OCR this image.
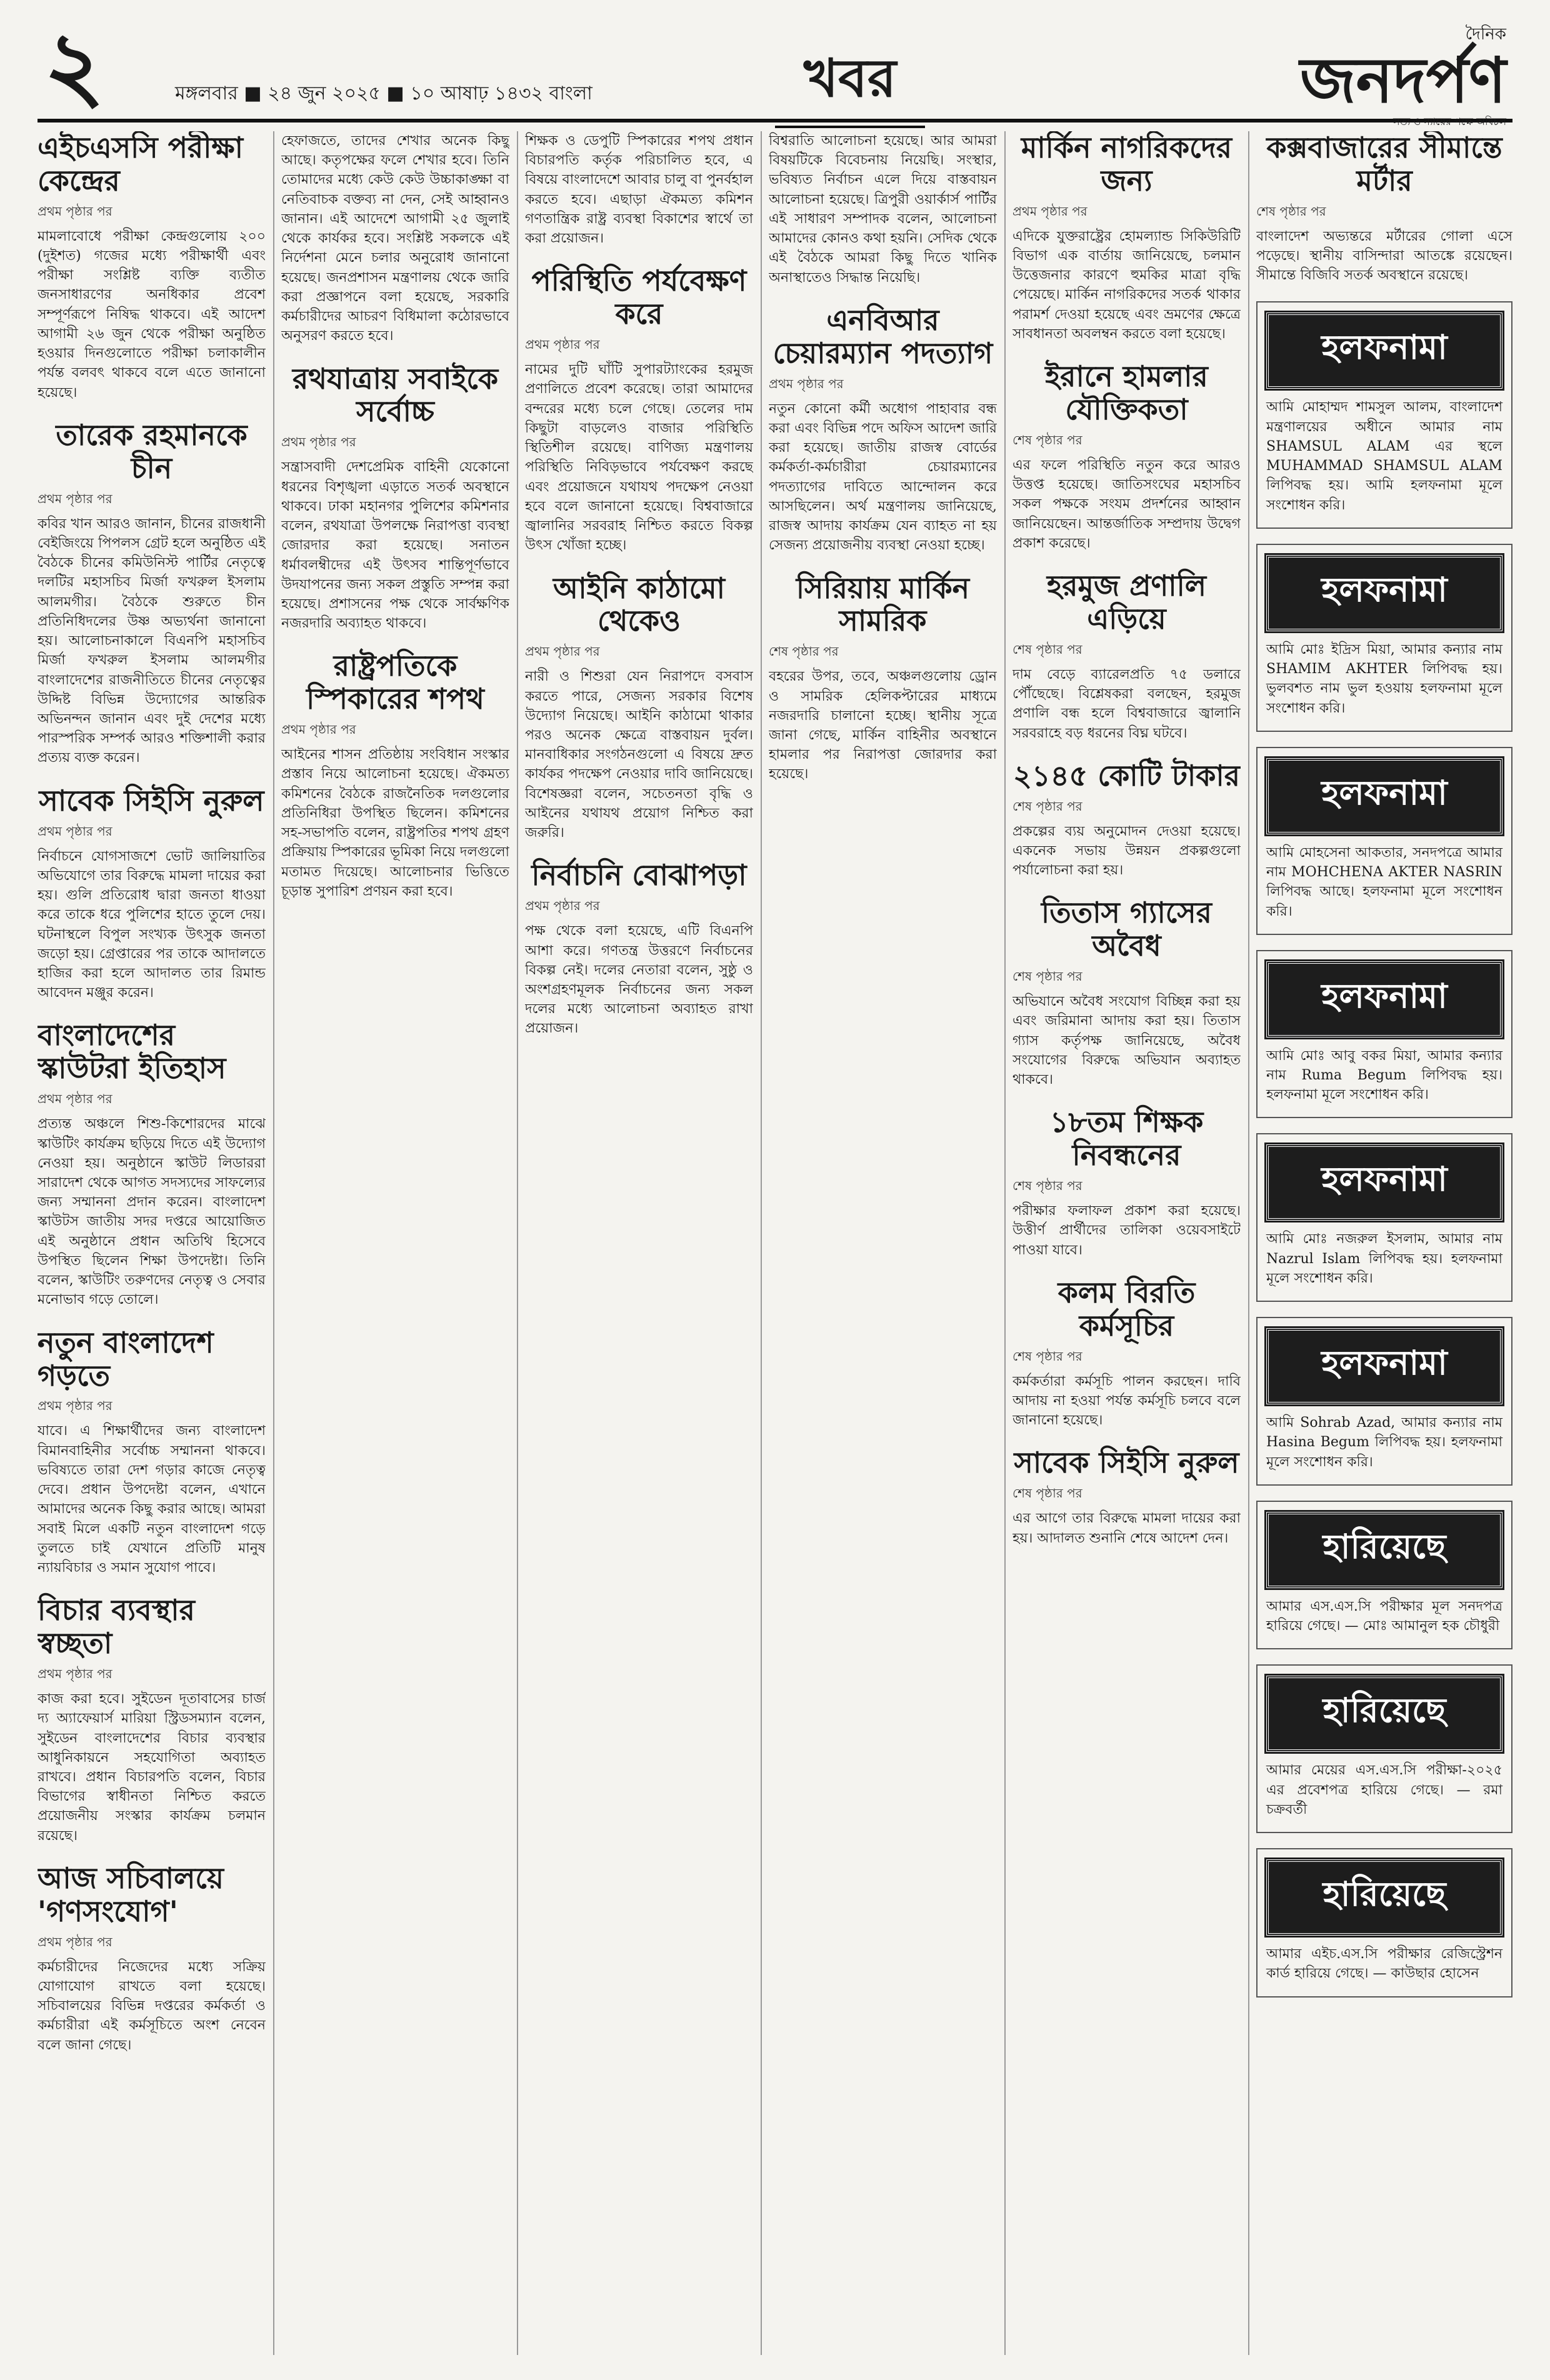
২	মঙ্গলবার ■ ২৪ জুন ২০২৫ ■ ১০ আষাঢ় ১৪৩২ বাংলা	খবর
দৈনিক
জনদর্পণ
সত্য ও ন্যায়ের পক্ষে অবিচল
এইচএসসি পরীক্ষা কেন্দ্রের

প্রথম পৃষ্ঠার পর

মামলাবোধে পরীক্ষা কেন্দ্রগুলোয় ২০০ (দুইশত) গজের মধ্যে পরীক্ষার্থী এবং পরীক্ষা সংশ্লিষ্ট ব্যক্তি ব্যতীত জনসাধারণের অনধিকার প্রবেশ সম্পূর্ণরূপে নিষিদ্ধ থাকবে। এই আদেশ আগামী ২৬ জুন থেকে পরীক্ষা অনুষ্ঠিত হওয়ার দিনগুলোতে পরীক্ষা চলাকালীন পর্যন্ত বলবৎ থাকবে বলে এতে জানানো হয়েছে।

তারেক রহমানকে চীন

প্রথম পৃষ্ঠার পর

কবির খান আরও জানান, চীনের রাজধানী বেইজিংয়ে পিপলস গ্রেট হলে অনুষ্ঠিত এই বৈঠকে চীনের কমিউনিস্ট পার্টির নেতৃত্বে দলটির মহাসচিব মির্জা ফখরুল ইসলাম আলমগীর। বৈঠকে শুরুতে চীন প্রতিনিধিদলের উষ্ণ অভ্যর্থনা জানানো হয়। আলোচনাকালে বিএনপি মহাসচিব মির্জা ফখরুল ইসলাম আলমগীর বাংলাদেশের রাজনীতিতে চীনের নেতৃত্বের উদ্দিষ্ট বিভিন্ন উদ্যোগের আন্তরিক অভিনন্দন জানান এবং দুই দেশের মধ্যে পারস্পরিক সম্পর্ক আরও শক্তিশালী করার প্রত্যয় ব্যক্ত করেন।

সাবেক সিইসি নুরুল

প্রথম পৃষ্ঠার পর

নির্বাচনে যোগসাজশে ভোট জালিয়াতির অভিযোগে তার বিরুদ্ধে মামলা দায়ের করা হয়। গুলি প্রতিরোধ দ্বারা জনতা ধাওয়া করে তাকে ধরে পুলিশের হাতে তুলে দেয়। ঘটনাস্থলে বিপুল সংখ্যক উৎসুক জনতা জড়ো হয়। গ্রেপ্তারের পর তাকে আদালতে হাজির করা হলে আদালত তার রিমান্ড আবেদন মঞ্জুর করেন।

বাংলাদেশের স্কাউটরা ইতিহাস

প্রথম পৃষ্ঠার পর

প্রত্যন্ত অঞ্চলে শিশু-কিশোরদের মাঝে স্কাউটিং কার্যক্রম ছড়িয়ে দিতে এই উদ্যোগ নেওয়া হয়। অনুষ্ঠানে স্কাউট লিডাররা সারাদেশ থেকে আগত সদস্যদের সাফল্যের জন্য সম্মাননা প্রদান করেন। বাংলাদেশ স্কাউটস জাতীয় সদর দপ্তরে আয়োজিত এই অনুষ্ঠানে প্রধান অতিথি হিসেবে উপস্থিত ছিলেন শিক্ষা উপদেষ্টা। তিনি বলেন, স্কাউটিং তরুণদের নেতৃত্ব ও সেবার মনোভাব গড়ে তোলে।

নতুন বাংলাদেশ গড়তে

প্রথম পৃষ্ঠার পর

যাবে। এ শিক্ষার্থীদের জন্য বাংলাদেশ বিমানবাহিনীর সর্বোচ্চ সম্মাননা থাকবে। ভবিষ্যতে তারা দেশ গড়ার কাজে নেতৃত্ব দেবে। প্রধান উপদেষ্টা বলেন, এখানে আমাদের অনেক কিছু করার আছে। আমরা সবাই মিলে একটি নতুন বাংলাদেশ গড়ে তুলতে চাই যেখানে প্রতিটি মানুষ ন্যায়বিচার ও সমান সুযোগ পাবে।

বিচার ব্যবস্থার স্বচ্ছতা

প্রথম পৃষ্ঠার পর

কাজ করা হবে। সুইডেন দূতাবাসের চার্জ দ্য অ্যাফেয়ার্স মারিয়া স্ট্রিডসম্যান বলেন, সুইডেন বাংলাদেশের বিচার ব্যবস্থার আধুনিকায়নে সহযোগিতা অব্যাহত রাখবে। প্রধান বিচারপতি বলেন, বিচার বিভাগের স্বাধীনতা নিশ্চিত করতে প্রয়োজনীয় সংস্কার কার্যক্রম চলমান রয়েছে।

আজ সচিবালয়ে 'গণসংযোগ'

প্রথম পৃষ্ঠার পর

কর্মচারীদের নিজেদের মধ্যে সক্রিয় যোগাযোগ রাখতে বলা হয়েছে। সচিবালয়ের বিভিন্ন দপ্তরের কর্মকর্তা ও কর্মচারীরা এই কর্মসূচিতে অংশ নেবেন বলে জানা গেছে।

হেফাজতে, তাদের শেখার অনেক কিছু আছে। কতৃপক্ষের ফলে শেখার হবে। তিনি তোমাদের মধ্যে কেউ কেউ উচ্চাকাঙ্ক্ষা বা নেতিবাচক বক্তব্য না দেন, সেই আহ্বানও জানান। এই আদেশে আগামী ২৫ জুলাই থেকে কার্যকর হবে। সংশ্লিষ্ট সকলকে এই নির্দেশনা মেনে চলার অনুরোধ জানানো হয়েছে। জনপ্রশাসন মন্ত্রণালয় থেকে জারি করা প্রজ্ঞাপনে বলা হয়েছে, সরকারি কর্মচারীদের আচরণ বিধিমালা কঠোরভাবে অনুসরণ করতে হবে।

রথযাত্রায় সবাইকে সর্বোচ্চ

প্রথম পৃষ্ঠার পর

সন্ত্রাসবাদী দেশপ্রেমিক বাহিনী যেকোনো ধরনের বিশৃঙ্খলা এড়াতে সতর্ক অবস্থানে থাকবে। ঢাকা মহানগর পুলিশের কমিশনার বলেন, রথযাত্রা উপলক্ষে নিরাপত্তা ব্যবস্থা জোরদার করা হয়েছে। সনাতন ধর্মাবলম্বীদের এই উৎসব শান্তিপূর্ণভাবে উদযাপনের জন্য সকল প্রস্তুতি সম্পন্ন করা হয়েছে। প্রশাসনের পক্ষ থেকে সার্বক্ষণিক নজরদারি অব্যাহত থাকবে।

রাষ্ট্রপতিকে স্পিকারের শপথ

প্রথম পৃষ্ঠার পর

আইনের শাসন প্রতিষ্ঠায় সংবিধান সংস্কার প্রস্তাব নিয়ে আলোচনা হয়েছে। ঐকমত্য কমিশনের বৈঠকে রাজনৈতিক দলগুলোর প্রতিনিধিরা উপস্থিত ছিলেন। কমিশনের সহ-সভাপতি বলেন, রাষ্ট্রপতির শপথ গ্রহণ প্রক্রিয়ায় স্পিকারের ভূমিকা নিয়ে দলগুলো মতামত দিয়েছে। আলোচনার ভিত্তিতে চূড়ান্ত সুপারিশ প্রণয়ন করা হবে।

শিক্ষক ও ডেপুটি স্পিকারের শপথ প্রধান বিচারপতি কর্তৃক পরিচালিত হবে, এ বিষয়ে বাংলাদেশে আবার চালু বা পুনর্বহাল করতে হবে। এছাড়া ঐকমত্য কমিশন গণতান্ত্রিক রাষ্ট্র ব্যবস্থা বিকাশের স্বার্থে তা করা প্রয়োজন।

পরিস্থিতি পর্যবেক্ষণ করে

প্রথম পৃষ্ঠার পর

নামের দুটি ঘাঁটি সুপারট্যাংকের হরমুজ প্রণালিতে প্রবেশ করেছে। তারা আমাদের বন্দরের মধ্যে চলে গেছে। তেলের দাম কিছুটা বাড়লেও বাজার পরিস্থিতি স্থিতিশীল রয়েছে। বাণিজ্য মন্ত্রণালয় পরিস্থিতি নিবিড়ভাবে পর্যবেক্ষণ করছে এবং প্রয়োজনে যথাযথ পদক্ষেপ নেওয়া হবে বলে জানানো হয়েছে। বিশ্ববাজারে জ্বালানির সরবরাহ নিশ্চিত করতে বিকল্প উৎস খোঁজা হচ্ছে।

আইনি কাঠামো থেকেও

প্রথম পৃষ্ঠার পর

নারী ও শিশুরা যেন নিরাপদে বসবাস করতে পারে, সেজন্য সরকার বিশেষ উদ্যোগ নিয়েছে। আইনি কাঠামো থাকার পরও অনেক ক্ষেত্রে বাস্তবায়ন দুর্বল। মানবাধিকার সংগঠনগুলো এ বিষয়ে দ্রুত কার্যকর পদক্ষেপ নেওয়ার দাবি জানিয়েছে। বিশেষজ্ঞরা বলেন, সচেতনতা বৃদ্ধি ও আইনের যথাযথ প্রয়োগ নিশ্চিত করা জরুরি।

নির্বাচনি বোঝাপড়া

প্রথম পৃষ্ঠার পর

পক্ষ থেকে বলা হয়েছে, এটি বিএনপি আশা করে। গণতন্ত্র উত্তরণে নির্বাচনের বিকল্প নেই। দলের নেতারা বলেন, সুষ্ঠু ও অংশগ্রহণমূলক নির্বাচনের জন্য সকল দলের মধ্যে আলোচনা অব্যাহত রাখা প্রয়োজন।

বিশ্বরাতি আলোচনা হয়েছে। আর আমরা বিষয়টিকে বিবেচনায় নিয়েছি। সংস্থার, ভবিষ্যত নির্বাচন এলে দিয়ে বাস্তবায়ন আলোচনা হয়েছে। ত্রিপুরী ওয়ার্কার্স পার্টির এই সাধারণ সম্পাদক বলেন, আলোচনা আমাদের কোনও কথা হয়নি। সেদিক থেকে এই বৈঠকে আমরা কিছু দিতে খানিক অনাস্থাতেও সিদ্ধান্ত নিয়েছি।

এনবিআর চেয়ারম্যান পদত্যাগ

প্রথম পৃষ্ঠার পর

নতুন কোনো কর্মী অধোগ পাহাবার বন্ধ করা এবং বিভিন্ন পদে অফিস আদেশ জারি করা হয়েছে। জাতীয় রাজস্ব বোর্ডের কর্মকর্তা-কর্মচারীরা চেয়ারম্যানের পদত্যাগের দাবিতে আন্দোলন করে আসছিলেন। অর্থ মন্ত্রণালয় জানিয়েছে, রাজস্ব আদায় কার্যক্রম যেন ব্যাহত না হয় সেজন্য প্রয়োজনীয় ব্যবস্থা নেওয়া হচ্ছে।

সিরিয়ায় মার্কিন সামরিক

শেষ পৃষ্ঠার পর

বহরের উপর, তবে, অঞ্চলগুলোয় ড্রোন ও সামরিক হেলিকপ্টারের মাধ্যমে নজরদারি চালানো হচ্ছে। স্থানীয় সূত্রে জানা গেছে, মার্কিন বাহিনীর অবস্থানে হামলার পর নিরাপত্তা জোরদার করা হয়েছে।

মার্কিন নাগরিকদের জন্য

প্রথম পৃষ্ঠার পর

এদিকে যুক্তরাষ্ট্রের হোমল্যান্ড সিকিউরিটি বিভাগ এক বার্তায় জানিয়েছে, চলমান উত্তেজনার কারণে হুমকির মাত্রা বৃদ্ধি পেয়েছে। মার্কিন নাগরিকদের সতর্ক থাকার পরামর্শ দেওয়া হয়েছে এবং ভ্রমণের ক্ষেত্রে সাবধানতা অবলম্বন করতে বলা হয়েছে।

ইরানে হামলার যৌক্তিকতা

শেষ পৃষ্ঠার পর

এর ফলে পরিস্থিতি নতুন করে আরও উত্তপ্ত হয়েছে। জাতিসংঘের মহাসচিব সকল পক্ষকে সংযম প্রদর্শনের আহ্বান জানিয়েছেন। আন্তর্জাতিক সম্প্রদায় উদ্বেগ প্রকাশ করেছে।

হরমুজ প্রণালি এড়িয়ে

শেষ পৃষ্ঠার পর

দাম বেড়ে ব্যারেলপ্রতি ৭৫ ডলারে পৌঁছেছে। বিশ্লেষকরা বলছেন, হরমুজ প্রণালি বন্ধ হলে বিশ্ববাজারে জ্বালানি সরবরাহে বড় ধরনের বিঘ্ন ঘটবে।

২১৪৫ কোটি টাকার

শেষ পৃষ্ঠার পর

প্রকল্পের ব্যয় অনুমোদন দেওয়া হয়েছে। একনেক সভায় উন্নয়ন প্রকল্পগুলো পর্যালোচনা করা হয়।

তিতাস গ্যাসের অবৈধ

শেষ পৃষ্ঠার পর

অভিযানে অবৈধ সংযোগ বিচ্ছিন্ন করা হয় এবং জরিমানা আদায় করা হয়। তিতাস গ্যাস কর্তৃপক্ষ জানিয়েছে, অবৈধ সংযোগের বিরুদ্ধে অভিযান অব্যাহত থাকবে।

১৮তম শিক্ষক নিবন্ধনের

শেষ পৃষ্ঠার পর

পরীক্ষার ফলাফল প্রকাশ করা হয়েছে। উত্তীর্ণ প্রার্থীদের তালিকা ওয়েবসাইটে পাওয়া যাবে।

কলম বিরতি কর্মসূচির

শেষ পৃষ্ঠার পর

কর্মকর্তারা কর্মসূচি পালন করছেন। দাবি আদায় না হওয়া পর্যন্ত কর্মসূচি চলবে বলে জানানো হয়েছে।

সাবেক সিইসি নুরুল

শেষ পৃষ্ঠার পর

এর আগে তার বিরুদ্ধে মামলা দায়ের করা হয়। আদালত শুনানি শেষে আদেশ দেন।

কক্সবাজারের সীমান্তে মর্টার

শেষ পৃষ্ঠার পর

বাংলাদেশ অভ্যন্তরে মর্টারের গোলা এসে পড়েছে। স্থানীয় বাসিন্দারা আতঙ্কে রয়েছেন। সীমান্তে বিজিবি সতর্ক অবস্থানে রয়েছে।

হলফনামা

আমি মোহাম্মদ শামসুল আলম, বাংলাদেশ মন্ত্রণালয়ের অধীনে আমার নাম SHAMSUL ALAM এর স্থলে MUHAMMAD SHAMSUL ALAM লিপিবদ্ধ হয়। আমি হলফনামা মূলে সংশোধন করি।

হলফনামা

আমি মোঃ ইদ্রিস মিয়া, আমার কন্যার নাম SHAMIM AKHTER লিপিবদ্ধ হয়। ভুলবশত নাম ভুল হওয়ায় হলফনামা মূলে সংশোধন করি।

হলফনামা

আমি মোহসেনা আকতার, সনদপত্রে আমার নাম MOHCHENA AKTER NASRIN লিপিবদ্ধ আছে। হলফনামা মূলে সংশোধন করি।

হলফনামা

আমি মোঃ আবু বকর মিয়া, আমার কন্যার নাম Ruma Begum লিপিবদ্ধ হয়। হলফনামা মূলে সংশোধন করি।

হলফনামা

আমি মোঃ নজরুল ইসলাম, আমার নাম Nazrul Islam লিপিবদ্ধ হয়। হলফনামা মূলে সংশোধন করি।

হলফনামা

আমি Sohrab Azad, আমার কন্যার নাম Hasina Begum লিপিবদ্ধ হয়। হলফনামা মূলে সংশোধন করি।

হারিয়েছে

আমার এস.এস.সি পরীক্ষার মূল সনদপত্র হারিয়ে গেছে। — মোঃ আমানুল হক চৌধুরী

হারিয়েছে

আমার মেয়ের এস.এস.সি পরীক্ষা-২০২৫ এর প্রবেশপত্র হারিয়ে গেছে। — রমা চক্রবর্তী

হারিয়েছে

আমার এইচ.এস.সি পরীক্ষার রেজিস্ট্রেশন কার্ড হারিয়ে গেছে। — কাউছার হোসেন
